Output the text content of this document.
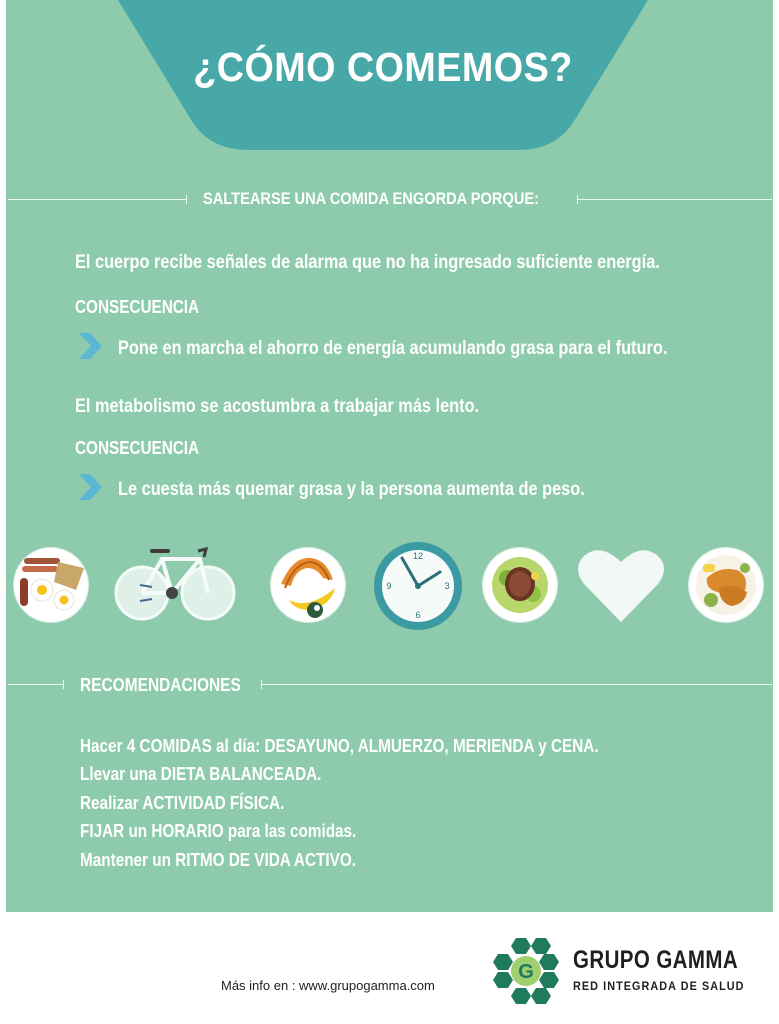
¿CÓMO COMEMOS?
SALTEARSE UNA COMIDA ENGORDA PORQUE:
El cuerpo recibe señales de alarma que no ha ingresado suficiente energía.
CONSECUENCIA
Pone en marcha el ahorro de energía acumulando grasa para el futuro.
El metabolismo se acostumbra a trabajar más lento.
CONSECUENCIA
Le cuesta más quemar grasa y la persona aumenta de peso.
12
3
6
9
RECOMENDACIONES
Hacer 4 COMIDAS al día: DESAYUNO, ALMUERZO, MERIENDA y CENA.
Llevar una DIETA BALANCEADA.
Realizar ACTIVIDAD FÍSICA.
FIJAR un HORARIO para las comidas.
Mantener un RITMO DE VIDA ACTIVO.
Más info en : www.grupogamma.com
G GRUPO GAMMA
RED INTEGRADA DE SALUD
